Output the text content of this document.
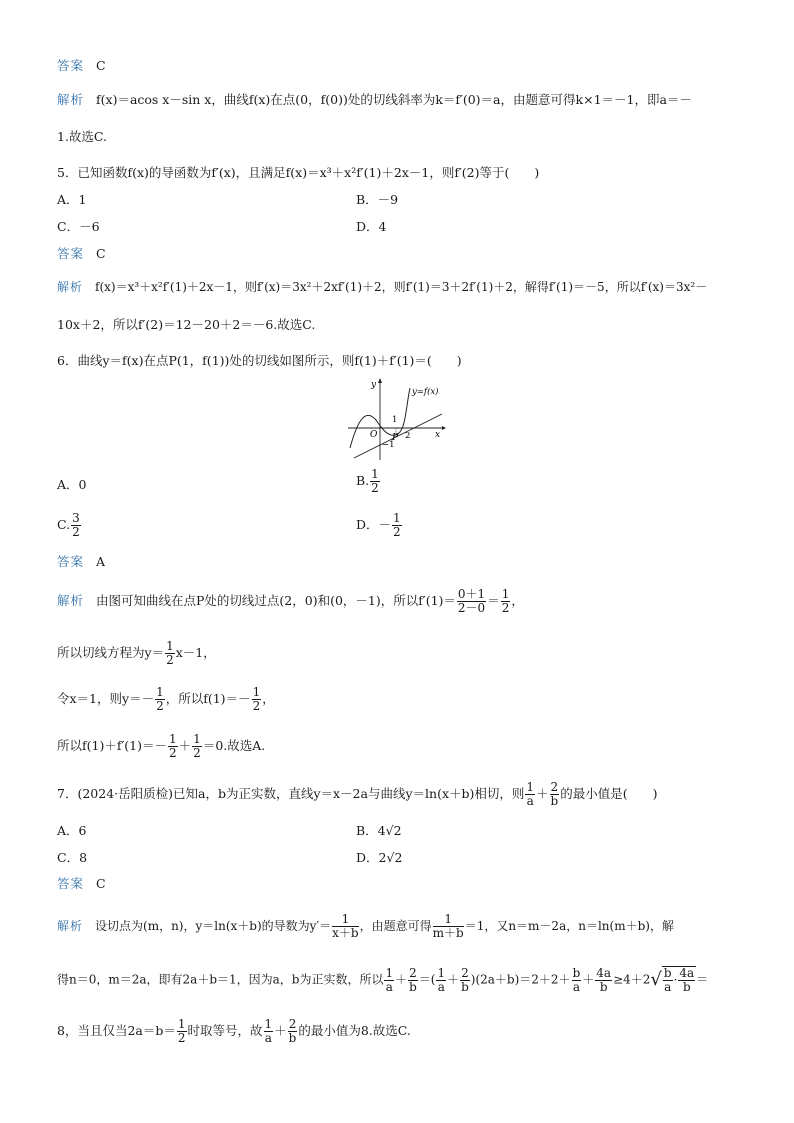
答案 C
解析 f(x)＝acos x－sin x，曲线f(x)在点(0，f(0))处的切线斜率为k＝f′(0)＝a，由题意可得k×1＝－1，即a＝－
1.故选C.
5．已知函数f(x)的导函数为f′(x)，且满足f(x)＝x³＋x²f′(1)＋2x－1，则f′(2)等于(　　)
A．1	B．－9
C．－6	D．4
答案 C
解析 f(x)＝x³＋x²f′(1)＋2x－1，则f′(x)＝3x²＋2xf′(1)＋2，则f′(1)＝3＋2f′(1)＋2，解得f′(1)＝－5，所以f′(x)＝3x²－
10x＋2，所以f′(2)＝12－20＋2＝－6.故选C.
6．曲线y＝f(x)在点P(1，f(1))处的切线如图所示，则f(1)＋f′(1)＝(　　)
y=f(x)
y
x
O P
1
2
−1
A．0	B. $\frac{1}{2}$
C. $\frac{3}{2}$	D．－ $\frac{1}{2}$
答案 A
解析 由图可知曲线在点P处的切线过点(2，0)和(0，－1)，所以$f'(1)= \frac{0+1}{2-0} = \frac{1}{2}$ ，
所以切线方程为$y= \frac{1}{2} x-1$，
令x＝1，则$y=- \frac{1}{2}$ ，所以$f(1)=- \frac{1}{2}$ ，
所以$f(1)+f'(1)=- \frac{1}{2} + \frac{1}{2} =0$.故选A.
7．(2024·岳阳质检)已知a，b为正实数，直线y＝x－2a与曲线y＝ln(x＋b)相切，则 $\frac{1}{a} + \frac{2}{b}$ 的最小值是(　　)
A．6	B．4√2
C．8	D．2√2
答案 C
解析 设切点为(m，n)，y＝ln(x＋b)的导数为$y'= \frac{1}{x+b}$ ，由题意可得 $\frac{1}{m+b} =1$，又n＝m－2a，n＝ln(m＋b)，解
得n＝0，m＝2a，即有2a＋b＝1，因为a，b为正实数，所以 $\frac{1}{a} + \frac{2}{b}$ ＝( $\frac{1}{a} + \frac{2}{b} )(2a+b)=2+2+ \frac{b}{a} + \frac{4a}{b} \ge 4+2√ \frac{b}{a} \cdot \frac{4a}{b}$ ＝
8，当且仅当$2a=b= \frac{1}{2}$ 时取等号，故 $\frac{1}{a} + \frac{2}{b}$ 的最小值为8.故选C.
